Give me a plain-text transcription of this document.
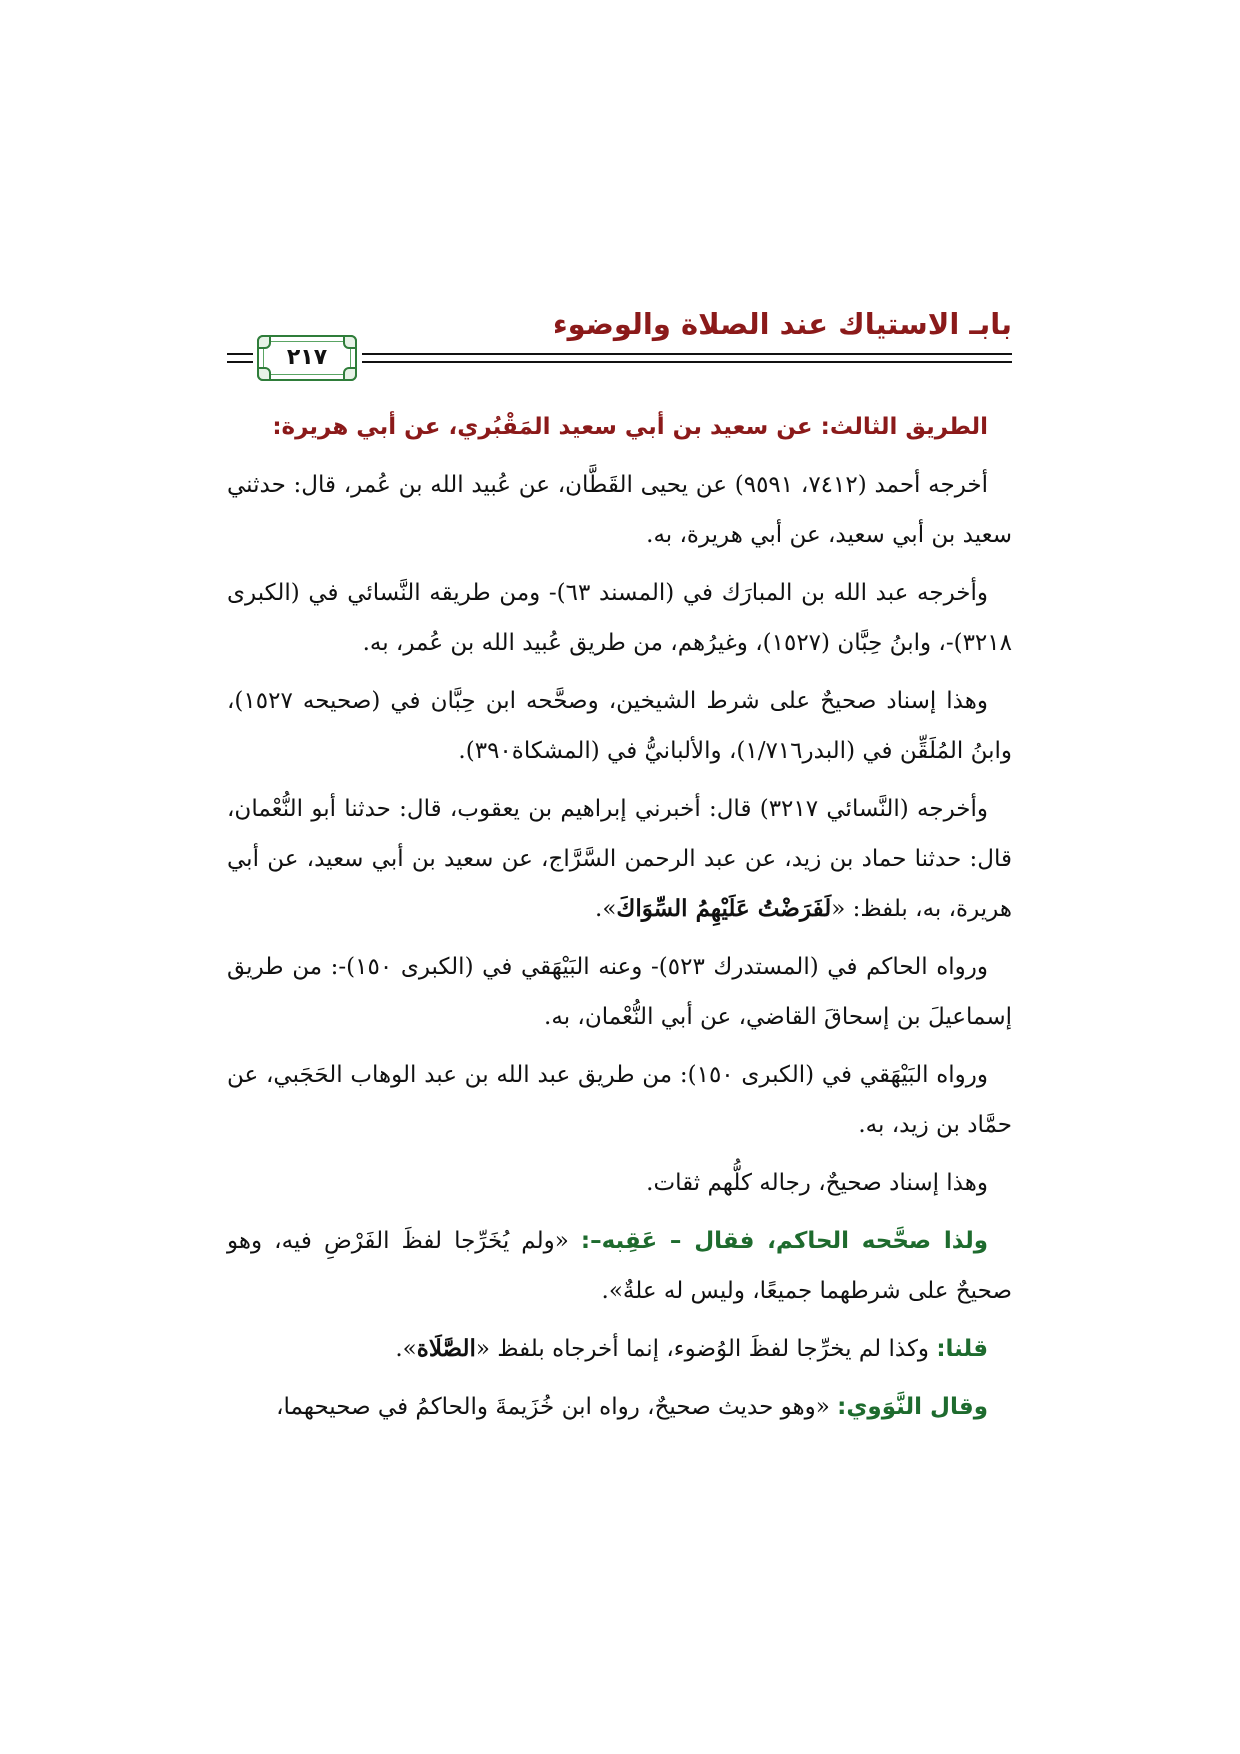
بابـ الاستياك عند الصلاة والوضوء
٢١٧

الطريق الثالث: عن سعيد بن أبي سعيد المَقْبُري، عن أبي هريرة:

أخرجه أحمد (٧٤١٢، ٩٥٩١) عن يحيى القَطَّان، عن عُبيد الله بن عُمر، قال: حدثني سعيد بن أبي سعيد، عن أبي هريرة، به.

وأخرجه عبد الله بن المبارَك في (المسند ٦٣)- ومن طريقه النَّسائي في (الكبرى ٣٢١٨)-، وابنُ حِبَّان (١٥٢٧)، وغيرُهم، من طريق عُبيد الله بن عُمر، به.

وهذا إسناد صحيحٌ على شرط الشيخين، وصحَّحه ابن حِبَّان في (صحيحه ١٥٢٧)، وابنُ المُلَقِّن في (البدر١/٧١٦)، والألبانيُّ في (المشكاة٣٩٠).

وأخرجه (النَّسائي ٣٢١٧) قال: أخبرني إبراهيم بن يعقوب، قال: حدثنا أبو النُّعْمان، قال: حدثنا حماد بن زيد، عن عبد الرحمن السَّرَّاج، عن سعيد بن أبي سعيد، عن أبي هريرة، به، بلفظ: «لَفَرَضْتُ عَلَيْهِمُ السِّوَاكَ».

ورواه الحاكم في (المستدرك ٥٢٣)- وعنه البَيْهَقي في (الكبرى ١٥٠)-: من طريق إسماعيلَ بن إسحاقَ القاضي، عن أبي النُّعْمان، به.

ورواه البَيْهَقي في (الكبرى ١٥٠): من طريق عبد الله بن عبد الوهاب الحَجَبي، عن حمَّاد بن زيد، به.

وهذا إسناد صحيحٌ، رجاله كلُّهم ثقات.

ولذا صحَّحه الحاكم، فقال – عَقِبه–: «ولم يُخَرِّجا لفظَ الفَرْضِ فيه، وهو صحيحٌ على شرطهما جميعًا، وليس له علةٌ».

قلنا: وكذا لم يخرِّجا لفظَ الوُضوء، إنما أخرجاه بلفظ «الصَّلَاة».

وقال النَّوَوي: «وهو حديث صحيحٌ، رواه ابن خُزَيمةَ والحاكمُ في صحيحهما،
